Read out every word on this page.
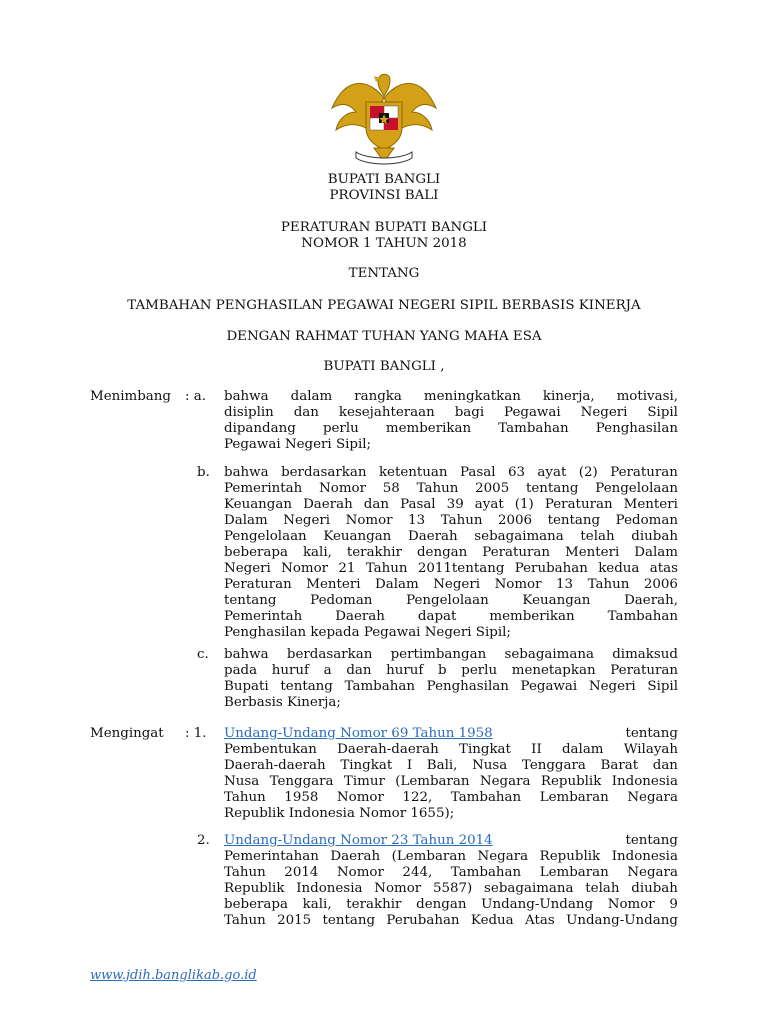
BUPATI BANGLI
PROVINSI BALI
PERATURAN BUPATI BANGLI
NOMOR 1 TAHUN 2018
TENTANG
TAMBAHAN PENGHASILAN PEGAWAI NEGERI SIPIL BERBASIS KINERJA
DENGAN RAHMAT TUHAN YANG MAHA ESA
BUPATI BANGLI ,
Menimbang : a. bahwa dalam rangka meningkatkan kinerja, motivasi,
disiplin dan kesejahteraan bagi Pegawai Negeri Sipil
dipandang perlu memberikan Tambahan Penghasilan
Pegawai Negeri Sipil;
b. bahwa berdasarkan ketentuan Pasal 63 ayat (2) Peraturan
Pemerintah Nomor 58 Tahun 2005 tentang Pengelolaan
Keuangan Daerah dan Pasal 39 ayat (1) Peraturan Menteri
Dalam Negeri Nomor 13 Tahun 2006 tentang Pedoman
Pengelolaan Keuangan Daerah sebagaimana telah diubah
beberapa kali, terakhir dengan Peraturan Menteri Dalam
Negeri Nomor 21 Tahun 2011tentang Perubahan kedua atas
Peraturan Menteri Dalam Negeri Nomor 13 Tahun 2006
tentang	Pedoman	Pengelolaan	Keuangan	Daerah,
Pemerintah Daerah dapat memberikan Tambahan
Penghasilan kepada Pegawai Negeri Sipil;
c. bahwa berdasarkan pertimbangan sebagaimana dimaksud
pada huruf a dan huruf b perlu menetapkan Peraturan
Bupati tentang Tambahan Penghasilan Pegawai Negeri Sipil
Berbasis Kinerja;
Mengingat : 1. Undang-Undang Nomor 69 Tahun 1958	tentang
Pembentukan Daerah-daerah Tingkat II dalam Wilayah
Daerah-daerah Tingkat I Bali, Nusa Tenggara Barat dan
Nusa Tenggara Timur (Lembaran Negara Republik Indonesia
Tahun 1958 Nomor 122, Tambahan Lembaran Negara
Republik Indonesia Nomor 1655);
2. Undang-Undang Nomor 23 Tahun 2014	tentang
Pemerintahan Daerah (Lembaran Negara Republik Indonesia
Tahun 2014 Nomor 244, Tambahan Lembaran Negara
Republik Indonesia Nomor 5587) sebagaimana telah diubah
beberapa kali, terakhir dengan Undang-Undang Nomor 9
Tahun 2015 tentang Perubahan Kedua Atas Undang-Undang
www.jdih.banglikab.go.id
